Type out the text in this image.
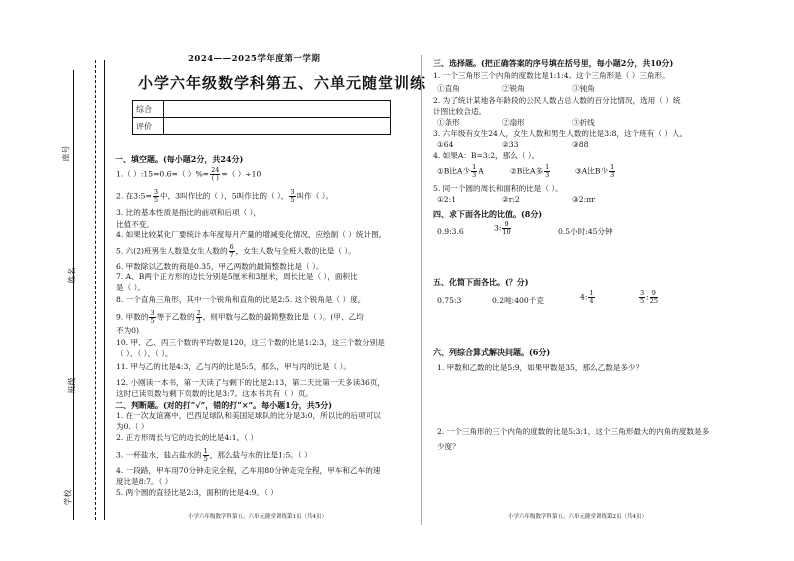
座号
姓名
班级
学校
2024——2025学年度第一学期
小学六年级数学科第五、六单元随堂训练
综合	
评价	
一、填空题。(每小题2分，共24分)
1.（ ）:15=0.6=（ ）%= $\frac{24}{( )}$ =（ ）÷10
2. 在3:5= $\frac{3}{5}$ 中，3叫作比的（ ），5叫作比的（ ）， $\frac{3}{5}$ 叫作（ ）。
3. 比的基本性质是指比的前项和后项（ ），
比值不变。
4. 如果比较某化厂要统计本年度每月产量的增减变化情况，应绘制（ ）统计图。
5. 六(2)班男生人数是女生人数的 $\frac{6}{7}$ ，女生人数与全班人数的比是（ ）。
6. 甲数除以乙数的商是0.35，甲乙两数的最简整数比是（ ）。
7. A、B两个正方形的边长分别是5厘米和3厘米，周长比是（ ），面积比
是（ ）。
8. 一个直角三角形，其中一个锐角和直角的比是2:5. 这个锐角是（ ）度。
9. 甲数的 $\frac{3}{5}$ 等于乙数的 $\frac{2}{3}$ ，则甲数与乙数的最简整数比是（ ）。(甲、乙均
不为0)
10. 甲、乙、丙三个数的平均数是120，这三个数的比是1:2:3，这三个数分别是
（ ）、（ ）、（ ）。
11. 甲与乙的比是4:3，乙与丙的比是5:5，那么，甲与丙的比是（ ）。
12. 小刚读一本书，第一天读了与剩下的比是2:13，第二天比第一天多读36页，
这时已读页数与剩下页数的比是3:7。这本书共有（ ）页。
二、判断题。(对的打“√”，错的打“×”。每小题1分，共5分)
1. 在一次友谊赛中，巴西足球队和美国足球队的比分是3:0，所以比的后项可以
为0.（ ）
2. 正方形周长与它的边长的比是4:1。（ ）
3. 一杯盐水，盐占盐水的 $\frac{1}{5}$ ，那么盐与水的比是1:5。（ ）
4. 一段路，甲车用70分钟走完全程，乙车用80分钟走完全程，甲车和乙车的速
度比是8:7。（ ）
5. 两个圆的直径比是2:3，面积的比是4:9。（ ）
小学六年级数学科第五、六单元随堂训练第1页（共4页）
三、选择题。(把正确答案的序号填在括号里，每小题2分，共10分)
1. 一个三角形三个内角的度数比是1:1:4。这个三角形是（ ）三角形。
①直角	②锐角	③钝角
2. 为了统计某地各年龄段的公民人数占总人数的百分比情况，选用（ ）统
计图比较合适。
①条形	②扇形	③折线
3. 六年级有女生24人，女生人数和男生人数的比是3:8，这个班有（ ）人。
①64	②33	③88
4. 如果A：B=3:2，那么（ ）。
①B比A少 $\frac{1}{3}$ A	②B比A多 $\frac{1}{3}$	③A比B少 $\frac{1}{3}$
5. 同一个圆的周长和面积的比是（ ）。
①2:1	②r:2	③2:πr
四、求下面各比的比值。(8分)
0.9:3.6	3: $\frac{9}{10}$	0.5小时:45分钟
五、化简下面各比。(？分)
0.75:3	0.2吨:400千克	4: $\frac{1}{4}$	$\frac{3}{5}$ : $\frac{9}{25}$
六、列综合算式解决问题。(6分)
1. 甲数和乙数的比是5:9，如果甲数是35，那么乙数是多少？
2. 一个三角形的三个内角的度数的比是5:3:1，这个三角形最大的内角的度数是多
少度？
小学六年级数学科第五、六单元随堂训练第2页（共4页）
